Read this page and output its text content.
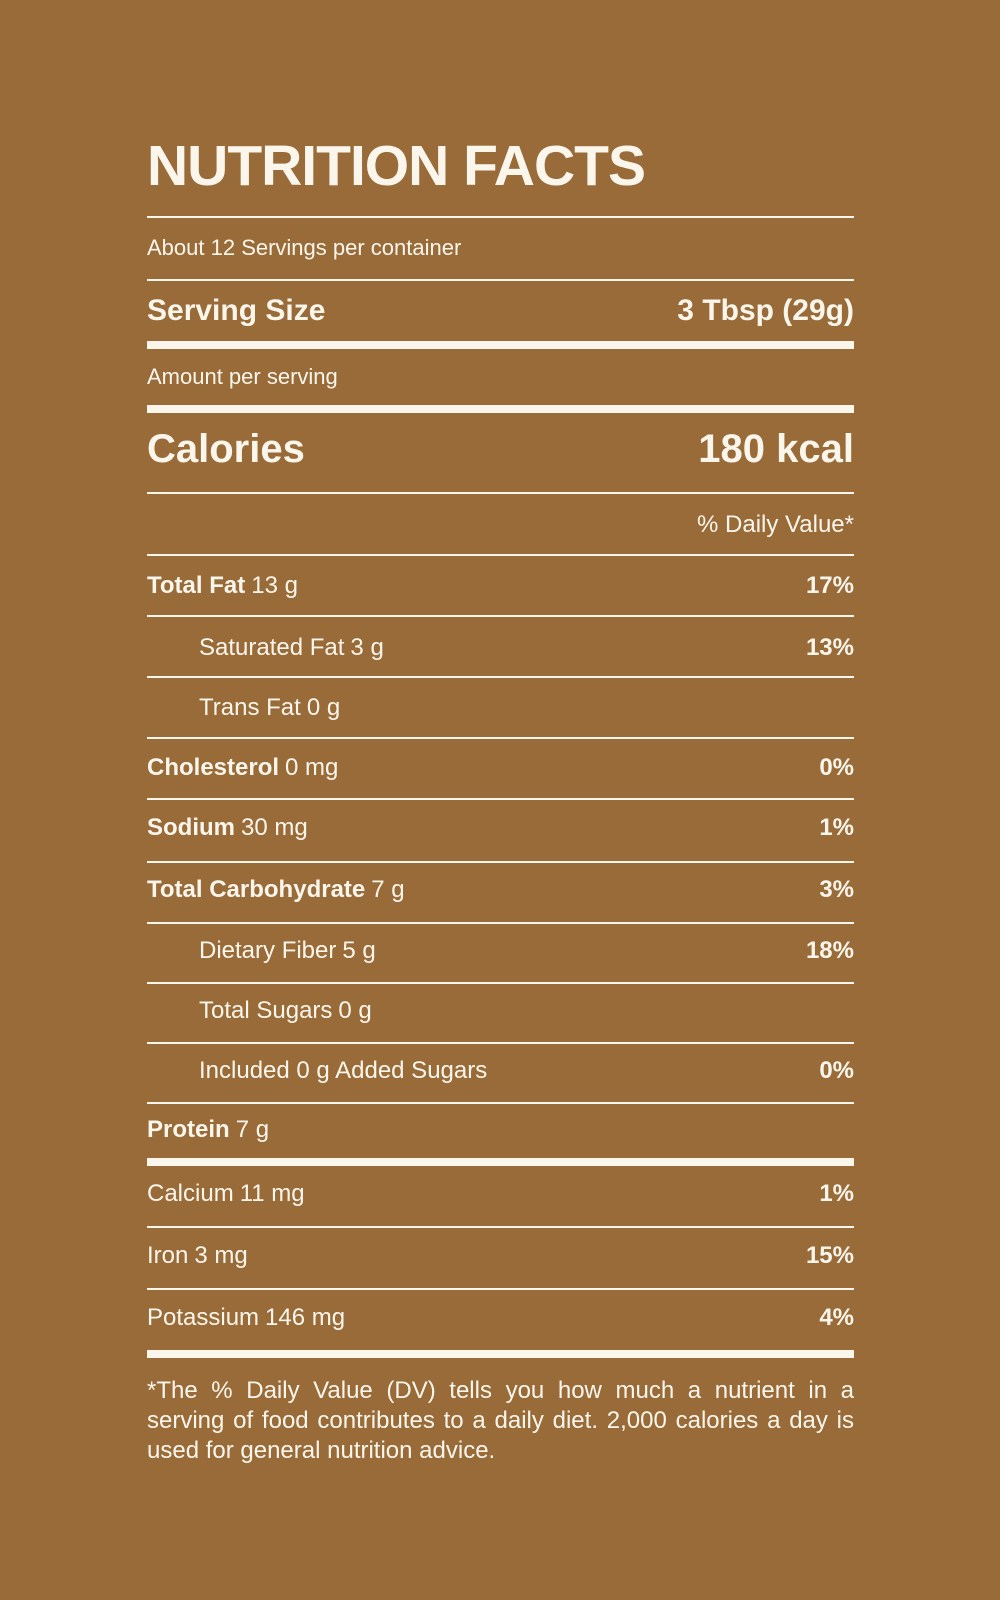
NUTRITION FACTS
About 12 Servings per container
Serving Size	3 Tbsp (29g)
Amount per serving
Calories	180 kcal
% Daily Value*
Total Fat 13 g	17%
Saturated Fat 3 g	13%
Trans Fat 0 g
Cholesterol 0 mg	0%
Sodium 30 mg	1%
Total Carbohydrate 7 g	3%
Dietary Fiber 5 g	18%
Total Sugars 0 g
Included 0 g Added Sugars	0%
Protein 7 g
Calcium 11 mg	1%
Iron 3 mg	15%
Potassium 146 mg	4%
*The % Daily Value (DV) tells you how much a nutrient in a serving of food contributes to a daily diet. 2,000 calories a day is used for general nutrition advice.
